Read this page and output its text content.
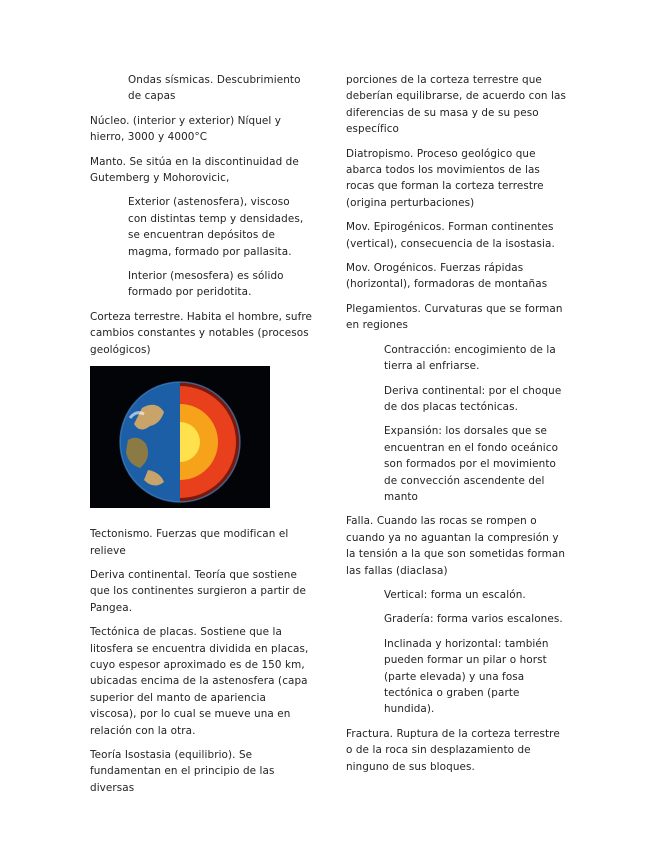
Ondas sísmicas. Descubrimiento de capas

Núcleo. (interior y exterior) Níquel y hierro, 3000 y 4000°C

Manto. Se sitúa en la discontinuidad de Gutemberg y Mohorovicic,

Exterior (astenosfera), viscoso con distintas temp y densidades, se encuentran depósitos de magma, formado por pallasita.

Interior (mesosfera) es sólido formado por peridotita.

Corteza terrestre. Habita el hombre, sufre cambios constantes y notables (procesos geológicos)

Tectonismo. Fuerzas que modifican el relieve

Deriva continental. Teoría que sostiene que los continentes surgieron a partir de Pangea.

Tectónica de placas. Sostiene que la litosfera se encuentra dividida en placas, cuyo espesor aproximado es de 150 km, ubicadas encima de la astenosfera (capa superior del manto de apariencia viscosa), por lo cual se mueve una en relación con la otra.

Teoría Isostasia (equilibrio). Se fundamentan en el principio de las diversas

porciones de la corteza terrestre que deberían equilibrarse, de acuerdo con las diferencias de su masa y de su peso específico

Diatropismo. Proceso geológico que abarca todos los movimientos de las rocas que forman la corteza terrestre (origina perturbaciones)

Mov. Epirogénicos. Forman continentes (vertical), consecuencia de la isostasia.

Mov. Orogénicos. Fuerzas rápidas (horizontal), formadoras de montañas

Plegamientos. Curvaturas que se forman en regiones

Contracción: encogimiento de la tierra al enfriarse.

Deriva continental: por el choque de dos placas tectónicas.

Expansión: los dorsales que se encuentran en el fondo oceánico son formados por el movimiento de convección ascendente del manto

Falla. Cuando las rocas se rompen o cuando ya no aguantan la compresión y la tensión a la que son sometidas forman las fallas (diaclasa)

Vertical: forma un escalón.

Gradería: forma varios escalones.

Inclinada y horizontal: también pueden formar un pilar o horst (parte elevada) y una fosa tectónica o graben (parte hundida).

Fractura. Ruptura de la corteza terrestre o de la roca sin desplazamiento de ninguno de sus bloques.
